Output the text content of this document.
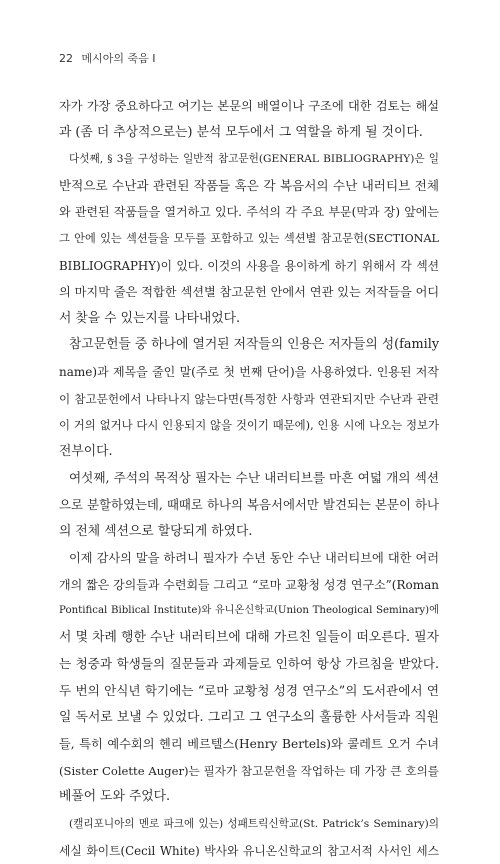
22 메시아의 죽음 I
자가 가장 중요하다고 여기는 본문의 배열이나 구조에 대한 검토는 해설
과 (좀 더 추상적으로는) 분석 모두에서 그 역할을 하게 될 것이다.
다섯째, § 3을 구성하는 일반적 참고문헌(GENERAL BIBLIOGRAPHY)은 일
반적으로 수난과 관련된 작품들 혹은 각 복음서의 수난 내러티브 전체
와 관련된 작품들을 열거하고 있다. 주석의 각 주요 부문(막과 장) 앞에는
그 안에 있는 섹션들을 모두를 포함하고 있는 섹션별 참고문헌(SECTIONAL
BIBLIOGRAPHY)이 있다. 이것의 사용을 용이하게 하기 위해서 각 섹션
의 마지막 줄은 적합한 섹션별 참고문헌 안에서 연관 있는 저작들을 어디
서 찾을 수 있는지를 나타내었다.
참고문헌들 중 하나에 열거된 저작들의 인용은 저자들의 성(family
name)과 제목을 줄인 말(주로 첫 번째 단어)을 사용하였다. 인용된 저작
이 참고문헌에서 나타나지 않는다면(특정한 사항과 연관되지만 수난과 관련
이 거의 없거나 다시 인용되지 않을 것이기 때문에), 인용 시에 나오는 정보가
전부이다.
여섯째, 주석의 목적상 필자는 수난 내러티브를 마흔 여덟 개의 섹션
으로 분할하였는데, 때때로 하나의 복음서에서만 발견되는 본문이 하나
의 전체 섹션으로 할당되게 하였다.
이제 감사의 말을 하려니 필자가 수년 동안 수난 내러티브에 대한 여러
개의 짧은 강의들과 수련회들 그리고 “로마 교황청 성경 연구소”(Roman
Pontifical Biblical Institute)와 유니온신학교(Union Theological Seminary)에
서 몇 차례 행한 수난 내러티브에 대해 가르친 일들이 떠오른다. 필자
는 청중과 학생들의 질문들과 과제들로 인하여 항상 가르침을 받았다.
두 번의 안식년 학기에는 “로마 교황청 성경 연구소”의 도서관에서 연
일 독서로 보낼 수 있었다. 그리고 그 연구소의 훌륭한 사서들과 직원
들, 특히 예수회의 헨리 베르텔스(Henry Bertels)와 콜레트 오거 수녀
(Sister Colette Auger)는 필자가 참고문헌을 작업하는 데 가장 큰 호의를
베풀어 도와 주었다.
(캘리포니아의 멘로 파크에 있는) 성패트릭신학교(St. Patrick’s Seminary)의
세실 화이트(Cecil White) 박사와 유니온신학교의 참고서적 사서인 세스
